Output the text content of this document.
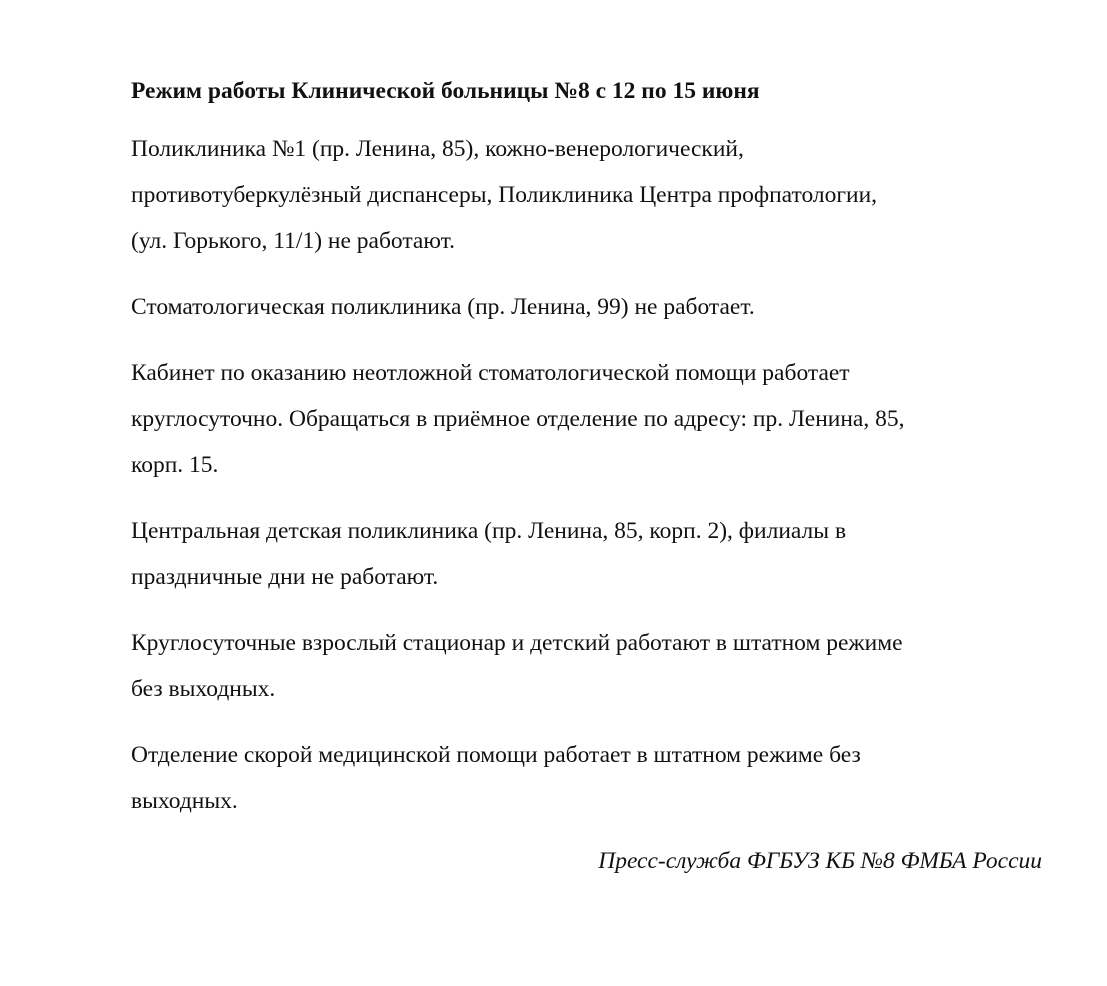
Режим работы Клинической больницы №8 с 12 по 15 июня
Поликлиника №1 (пр. Ленина, 85), кожно-венерологический,
противотуберкулёзный диспансеры, Поликлиника Центра профпатологии,
(ул. Горького, 11/1) не работают.
Стоматологическая поликлиника (пр. Ленина, 99) не работает.
Кабинет по оказанию неотложной стоматологической помощи работает
круглосуточно. Обращаться в приёмное отделение по адресу: пр. Ленина, 85,
корп. 15.
Центральная детская поликлиника (пр. Ленина, 85, корп. 2), филиалы в
праздничные дни не работают.
Круглосуточные взрослый стационар и детский работают в штатном режиме
без выходных.
Отделение скорой медицинской помощи работает в штатном режиме без
выходных.
Пресс-служба ФГБУЗ КБ №8 ФМБА России
